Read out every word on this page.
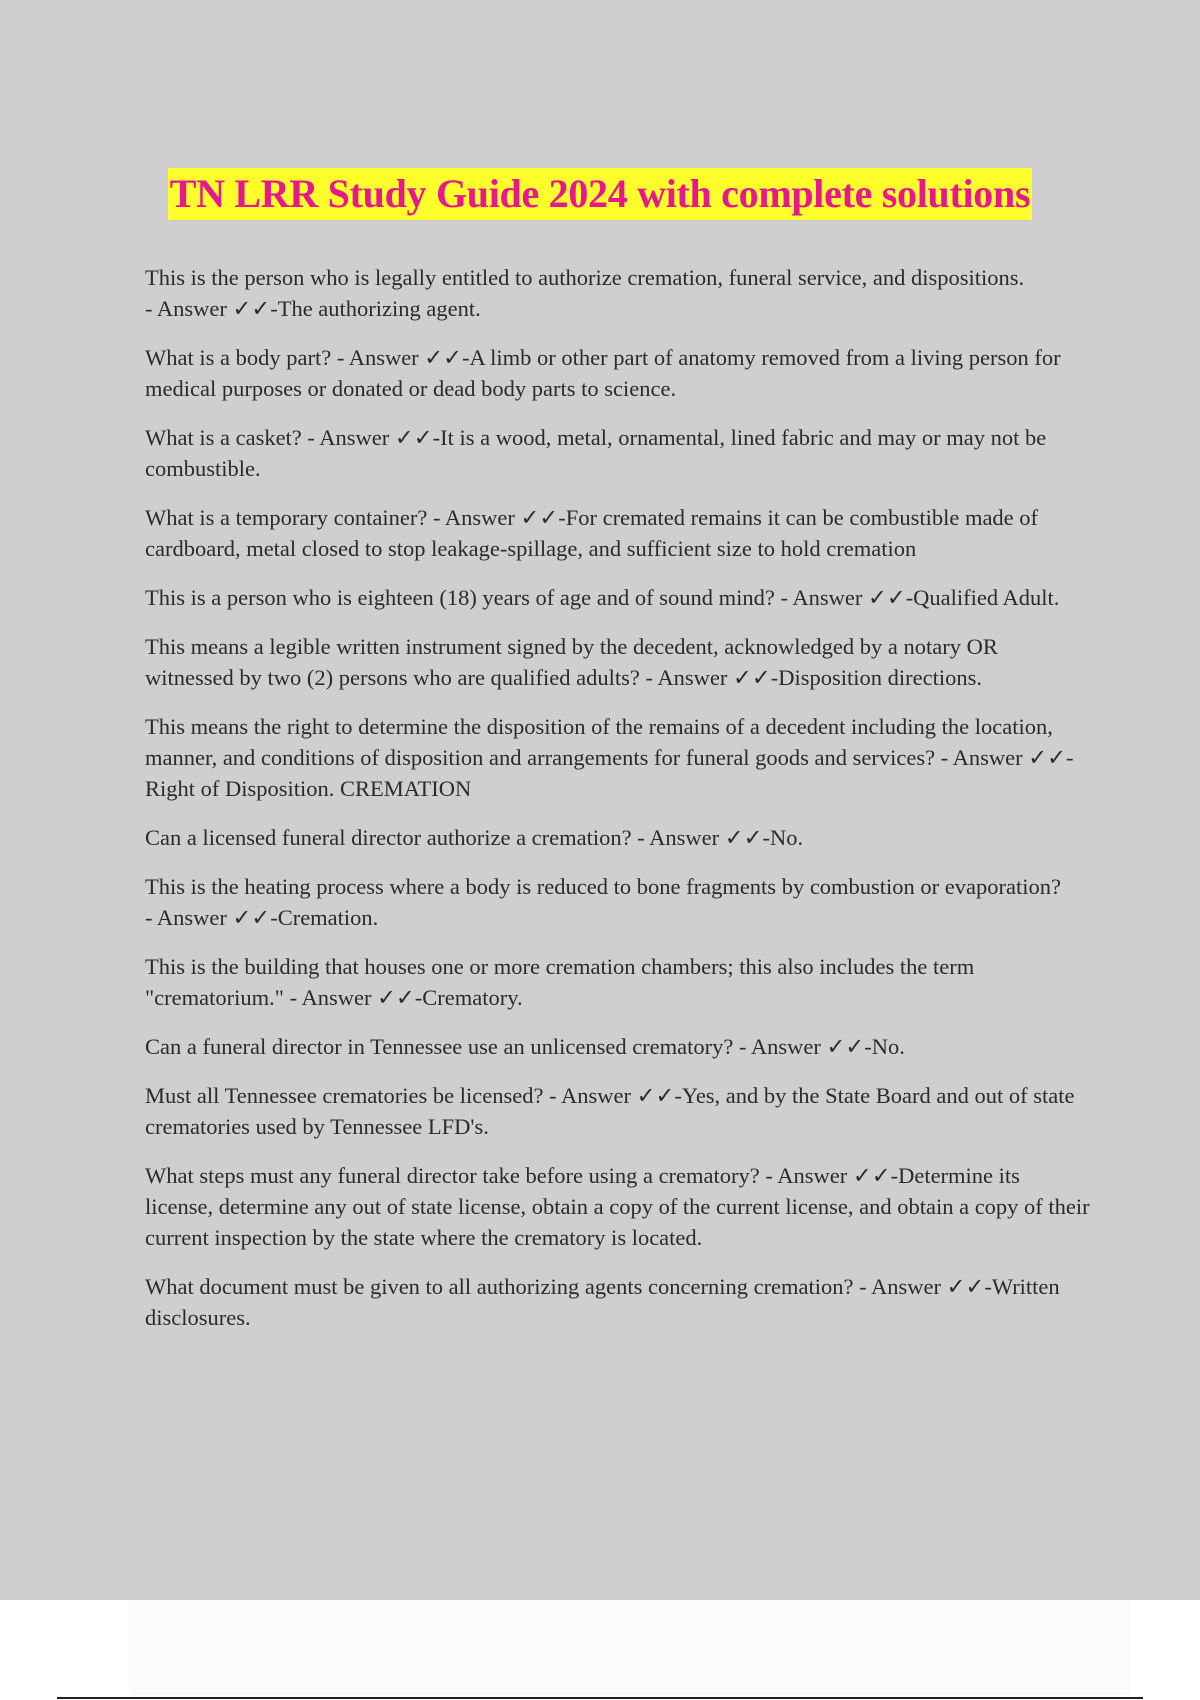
TN LRR Study Guide 2024 with complete solutions

This is the person who is legally entitled to authorize cremation, funeral service, and dispositions. - Answer ✓✓-The authorizing agent.

What is a body part? - Answer ✓✓-A limb or other part of anatomy removed from a living person for medical purposes or donated or dead body parts to science.

What is a casket? - Answer ✓✓-It is a wood, metal, ornamental, lined fabric and may or may not be combustible.

What is a temporary container? - Answer ✓✓-For cremated remains it can be combustible made of cardboard, metal closed to stop leakage-spillage, and sufficient size to hold cremation

This is a person who is eighteen (18) years of age and of sound mind? - Answer ✓✓-Qualified Adult.

This means a legible written instrument signed by the decedent, acknowledged by a notary OR witnessed by two (2) persons who are qualified adults? - Answer ✓✓-Disposition directions.

This means the right to determine the disposition of the remains of a decedent including the location, manner, and conditions of disposition and arrangements for funeral goods and services? - Answer ✓✓-Right of Disposition. CREMATION

Can a licensed funeral director authorize a cremation? - Answer ✓✓-No.

This is the heating process where a body is reduced to bone fragments by combustion or evaporation? - Answer ✓✓-Cremation.

This is the building that houses one or more cremation chambers; this also includes the term "crematorium." - Answer ✓✓-Crematory.

Can a funeral director in Tennessee use an unlicensed crematory? - Answer ✓✓-No.

Must all Tennessee crematories be licensed? - Answer ✓✓-Yes, and by the State Board and out of state crematories used by Tennessee LFD's.

What steps must any funeral director take before using a crematory? - Answer ✓✓-Determine its license, determine any out of state license, obtain a copy of the current license, and obtain a copy of their current inspection by the state where the crematory is located.

What document must be given to all authorizing agents concerning cremation? - Answer ✓✓-Written disclosures.
